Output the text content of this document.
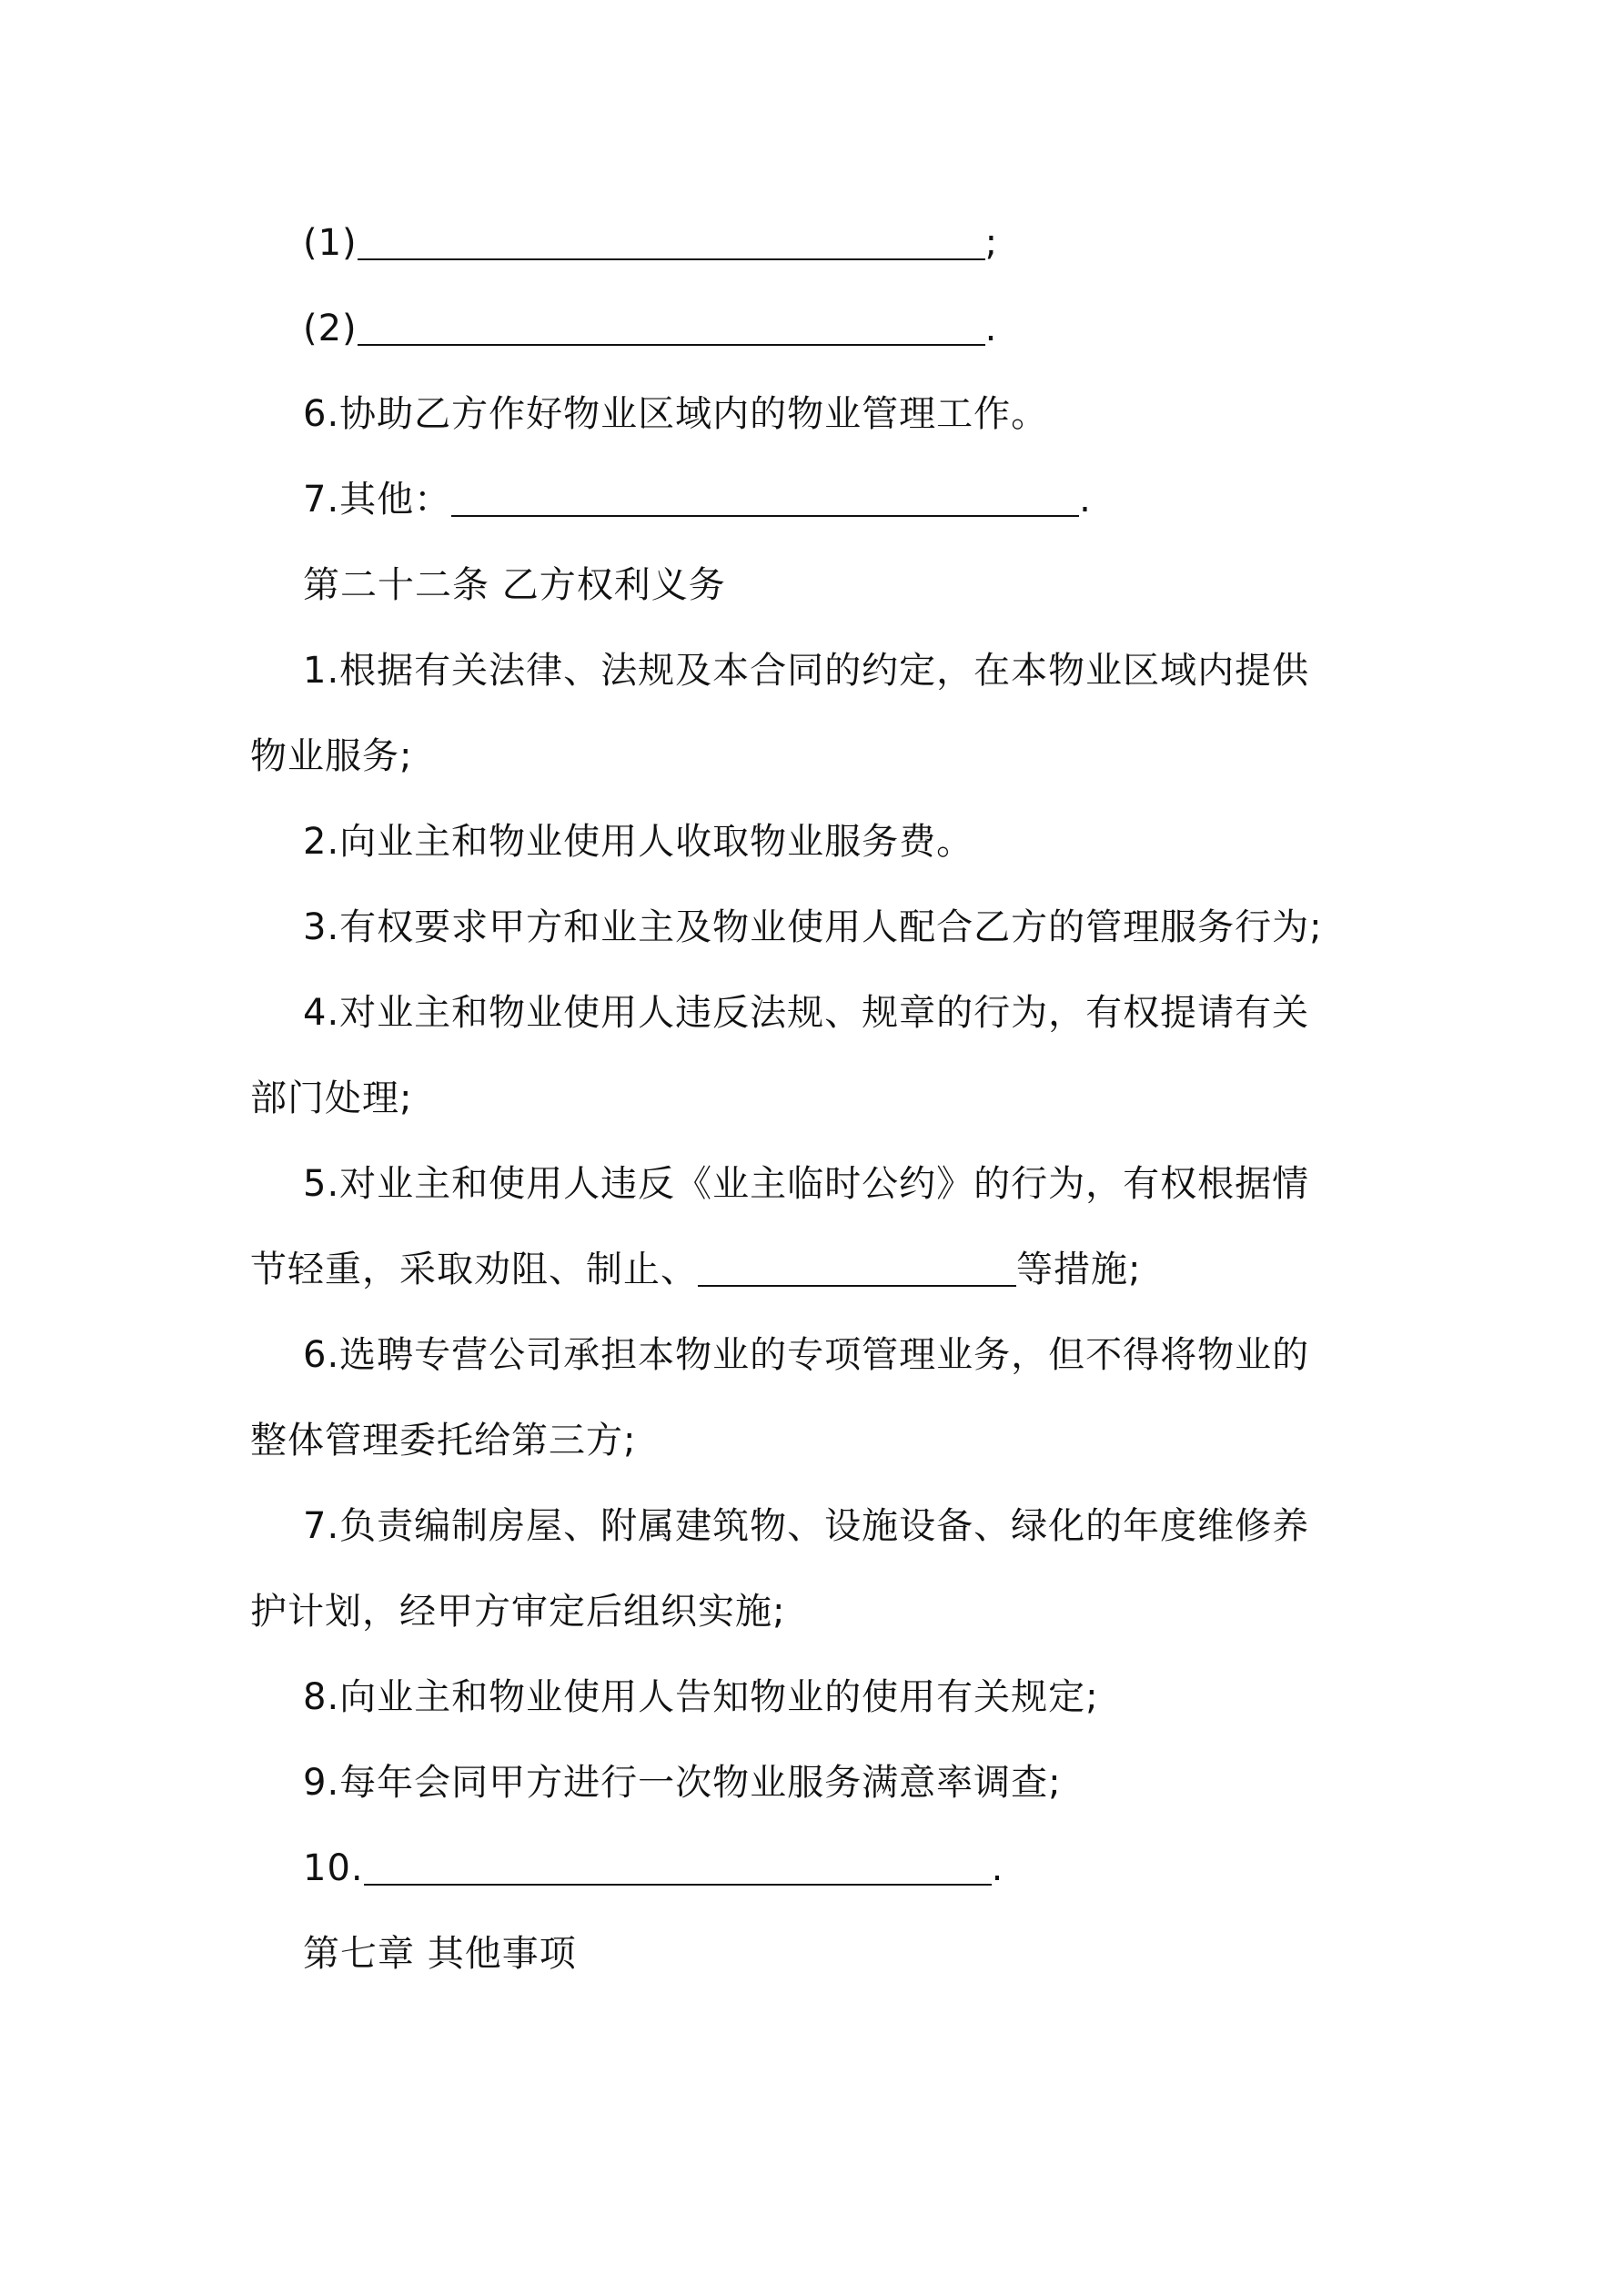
(1)	;
(2)	.
6.协助乙方作好物业区域内的物业管理工作。
7.其他：	.
第二十二条 乙方权利义务
1.根据有关法律、法规及本合同的约定，在本物业区域内提供
物业服务;
2.向业主和物业使用人收取物业服务费。
3.有权要求甲方和业主及物业使用人配合乙方的管理服务行为;
4.对业主和物业使用人违反法规、规章的行为，有权提请有关
部门处理;
5.对业主和使用人违反《业主临时公约》的行为，有权根据情
节轻重，采取劝阻、制止、	等措施;
6.选聘专营公司承担本物业的专项管理业务，但不得将物业的
整体管理委托给第三方;
7.负责编制房屋、附属建筑物、设施设备、绿化的年度维修养
护计划，经甲方审定后组织实施;
8.向业主和物业使用人告知物业的使用有关规定;
9.每年会同甲方进行一次物业服务满意率调查;
10.	.
第七章 其他事项
